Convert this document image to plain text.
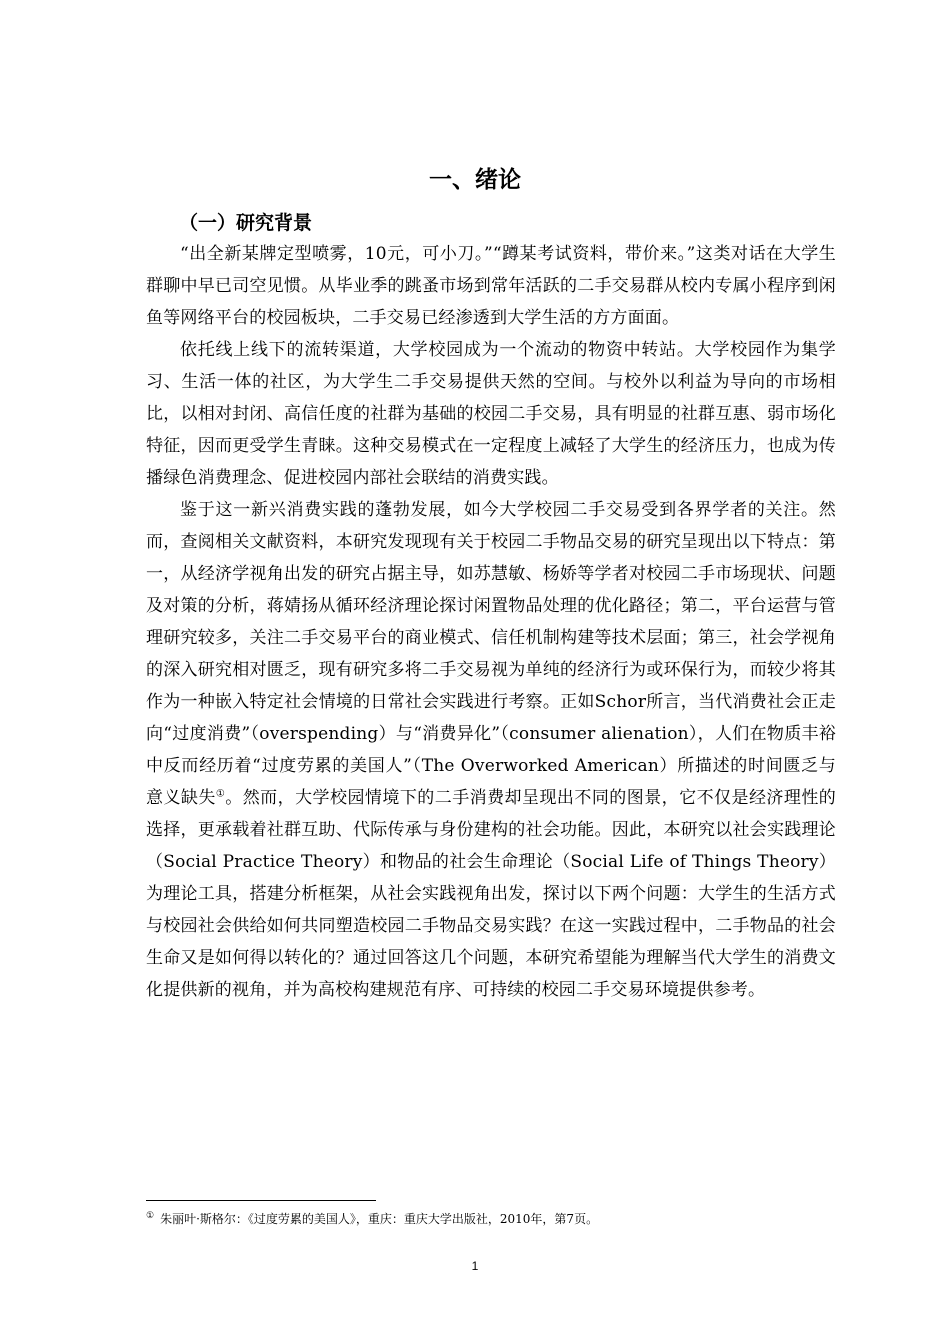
一、绪论
（一）研究背景

“出全新某牌定型喷雾，10元，可小刀。”“蹲某考试资料，带价来。”这类对话在大学生群聊中早已司空见惯。从毕业季的跳蚤市场到常年活跃的二手交易群从校内专属小程序到闲鱼等网络平台的校园板块，二手交易已经渗透到大学生活的方方面面。

依托线上线下的流转渠道，大学校园成为一个流动的物资中转站。大学校园作为集学习、生活一体的社区，为大学生二手交易提供天然的空间。与校外以利益为导向的市场相比，以相对封闭、高信任度的社群为基础的校园二手交易，具有明显的社群互惠、弱市场化特征，因而更受学生青睐。这种交易模式在一定程度上减轻了大学生的经济压力，也成为传播绿色消费理念、促进校园内部社会联结的消费实践。

鉴于这一新兴消费实践的蓬勃发展，如今大学校园二手交易受到各界学者的关注。然而，查阅相关文献资料，本研究发现现有关于校园二手物品交易的研究呈现出以下特点：第一，从经济学视角出发的研究占据主导，如苏慧敏、杨娇等学者对校园二手市场现状、问题及对策的分析，蒋婧扬从循环经济理论探讨闲置物品处理的优化路径；第二，平台运营与管理研究较多，关注二手交易平台的商业模式、信任机制构建等技术层面；第三，社会学视角的深入研究相对匮乏，现有研究多将二手交易视为单纯的经济行为或环保行为，而较少将其作为一种嵌入特定社会情境的日常社会实践进行考察。正如Schor所言，当代消费社会正走向“过度消费”（overspending）与“消费异化”（consumer alienation），人们在物质丰裕中反而经历着“过度劳累的美国人”（The Overworked American）所描述的时间匮乏与意义缺失①。然而，大学校园情境下的二手消费却呈现出不同的图景，它不仅是经济理性的选择，更承载着社群互助、代际传承与身份建构的社会功能。因此，本研究以社会实践理论（Social Practice Theory）和物品的社会生命理论（Social Life of Things Theory）为理论工具，搭建分析框架，从社会实践视角出发，探讨以下两个问题：大学生的生活方式与校园社会供给如何共同塑造校园二手物品交易实践？在这一实践过程中，二手物品的社会生命又是如何得以转化的？通过回答这几个问题，本研究希望能为理解当代大学生的消费文化提供新的视角，并为高校构建规范有序、可持续的校园二手交易环境提供参考。

① 朱丽叶·斯格尔：《过度劳累的美国人》，重庆：重庆大学出版社，2010年，第7页。

1
